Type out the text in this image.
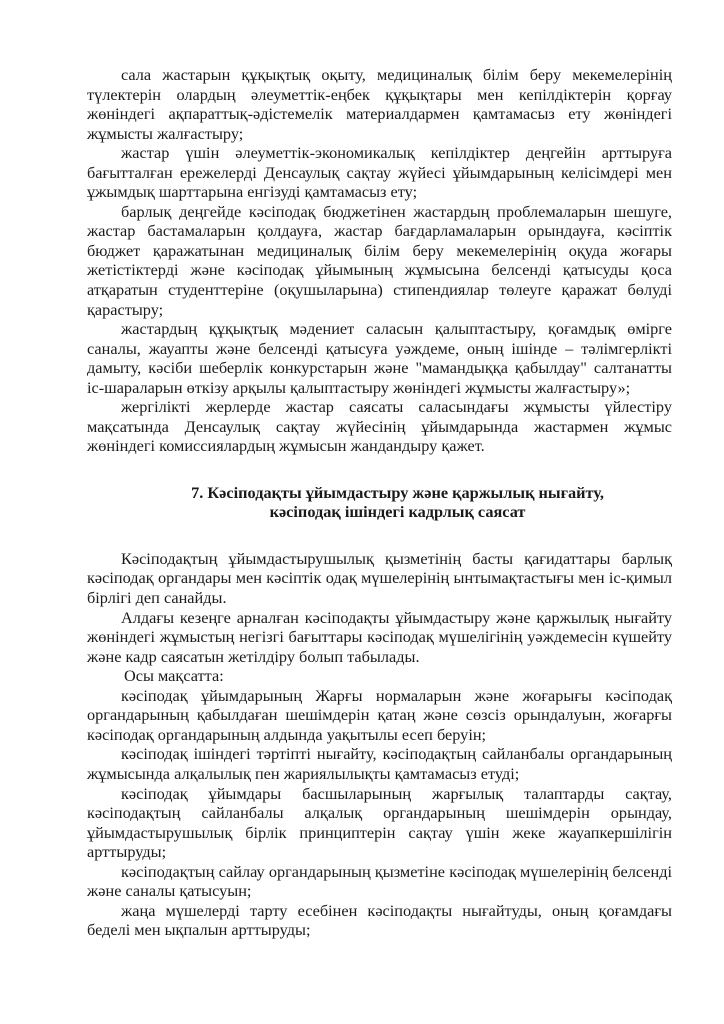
сала жастарын құқықтық оқыту, медициналық білім беру мекемелерінің түлектерін олардың әлеуметтік-еңбек құқықтары мен кепілдіктерін қорғау жөніндегі ақпараттық-әдістемелік материалдармен қамтамасыз ету жөніндегі жұмысты жалғастыру;

жастар үшін әлеуметтік-экономикалық кепілдіктер деңгейін арттыруға бағытталған ережелерді Денсаулық сақтау жүйесі ұйымдарының келісімдері мен ұжымдық шарттарына енгізуді қамтамасыз ету;

барлық деңгейде кәсіподақ бюджетінен жастардың проблемаларын шешуге, жастар бастамаларын қолдауға, жастар бағдарламаларын орындауға, кәсіптік бюджет қаражатынан медициналық білім беру мекемелерінің оқуда жоғары жетістіктерді және кәсіподақ ұйымының жұмысына белсенді қатысуды қоса атқаратын студенттеріне (оқушыларына) стипендиялар төлеуге қаражат бөлуді қарастыру;

жастардың құқықтық мәдениет саласын қалыптастыру, қоғамдық өмірге саналы, жауапты және белсенді қатысуға уәждеме, оның ішінде – тәлімгерлікті дамыту, кәсіби шеберлік конкурстарын және "мамандыққа қабылдау" салтанатты іс-шараларын өткізу арқылы қалыптастыру жөніндегі жұмысты жалғастыру»;

жергілікті жерлерде жастар саясаты саласындағы жұмысты үйлестіру мақсатында Денсаулық сақтау жүйесінің ұйымдарында жастармен жұмыс жөніндегі комиссиялардың жұмысын жандандыру қажет.

7. Кәсіподақты ұйымдастыру және қаржылық нығайту,
кәсіподақ ішіндегі кадрлық саясат

Кәсіподақтың ұйымдастырушылық қызметінің басты қағидаттары барлық кәсіподақ органдары мен кәсіптік одақ мүшелерінің ынтымақтастығы мен іс-қимыл бірлігі деп санайды.

Алдағы кезеңге арналған кәсіподақты ұйымдастыру және қаржылық нығайту жөніндегі жұмыстың негізгі бағыттары кәсіподақ мүшелігінің уәждемесін күшейту және кадр саясатын жетілдіру болып табылады.

Осы мақсатта:

кәсіподақ ұйымдарының Жарғы нормаларын және жоғарығы кәсіподақ органдарының қабылдаған шешімдерін қатаң және сөзсіз орындалуын, жоғарғы кәсіподақ органдарының алдында уақытылы есеп беруін;

кәсіподақ ішіндегі тәртіпті нығайту, кәсіподақтың сайланбалы органдарының жұмысында алқалылық пен жариялылықты қамтамасыз етуді;

кәсіподақ ұйымдары басшыларының жарғылық талаптарды сақтау, кәсіподақтың сайланбалы алқалық органдарының шешімдерін орындау, ұйымдастырушылық бірлік принциптерін сақтау үшін жеке жауапкершілігін арттыруды;

кәсіподақтың сайлау органдарының қызметіне кәсіподақ мүшелерінің белсенді және саналы қатысуын;

жаңа мүшелерді тарту есебінен кәсіподақты нығайтуды, оның қоғамдағы беделі мен ықпалын арттыруды;
